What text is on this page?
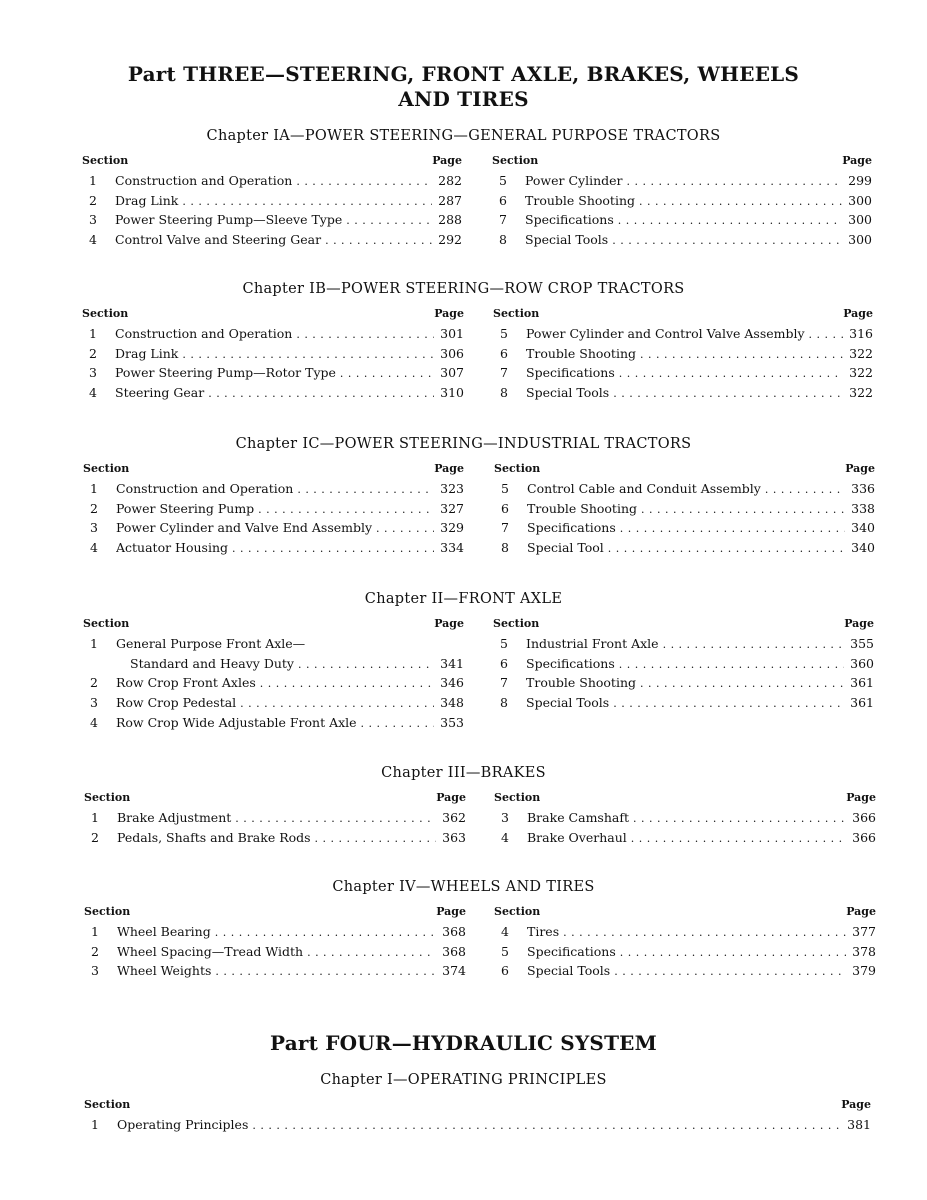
Part THREE—STEERING, FRONT AXLE, BRAKES, WHEELS
AND TIRES
Chapter IA—POWER STEERING—GENERAL PURPOSE TRACTORS
Section	Page
1	Construction and Operation . . .	282
2	Drag Link . . .	287
3	Power Steering Pump—Sleeve Type . . .	288
4	Control Valve and Steering Gear . . .	292
Section	Page
5	Power Cylinder . . .	299
6	Trouble Shooting . . .	300
7	Specifications . . .	300
8	Special Tools . . .	300
Chapter IB—POWER STEERING—ROW CROP TRACTORS
Section	Page
1	Construction and Operation . . .	301
2	Drag Link . . .	306
3	Power Steering Pump—Rotor Type . . .	307
4	Steering Gear . . .	310
Section	Page
5	Power Cylinder and Control Valve Assembly . . .	316
6	Trouble Shooting . . .	322
7	Specifications . . .	322
8	Special Tools . . .	322
Chapter IC—POWER STEERING—INDUSTRIAL TRACTORS
Section	Page
1	Construction and Operation . . .	323
2	Power Steering Pump . . .	327
3	Power Cylinder and Valve End Assembly . . .	329
4	Actuator Housing . . .	334
Section	Page
5	Control Cable and Conduit Assembly . . .	336
6	Trouble Shooting . . .	338
7	Specifications . . .	340
8	Special Tool . . .	340
Chapter II—FRONT AXLE
Section	Page
1	General Purpose Front Axle—
Standard and Heavy Duty . . .	341
2	Row Crop Front Axles . . .	346
3	Row Crop Pedestal . . .	348
4	Row Crop Wide Adjustable Front Axle . . .	353
Section	Page
5	Industrial Front Axle . . .	355
6	Specifications . . .	360
7	Trouble Shooting . . .	361
8	Special Tools . . .	361
Chapter III—BRAKES
Section	Page
1	Brake Adjustment . . .	362
2	Pedals, Shafts and Brake Rods . . .	363
Section	Page
3	Brake Camshaft . . .	366
4	Brake Overhaul . . .	366
Chapter IV—WHEELS AND TIRES
Section	Page
1	Wheel Bearing . . .	368
2	Wheel Spacing—Tread Width . . .	368
3	Wheel Weights . . .	374
Section	Page
4	Tires . . .	377
5	Specifications . . .	378
6	Special Tools . . .	379
Part FOUR—HYDRAULIC SYSTEM
Chapter I—OPERATING PRINCIPLES
Section	Page
1	Operating Principles . . .	381
